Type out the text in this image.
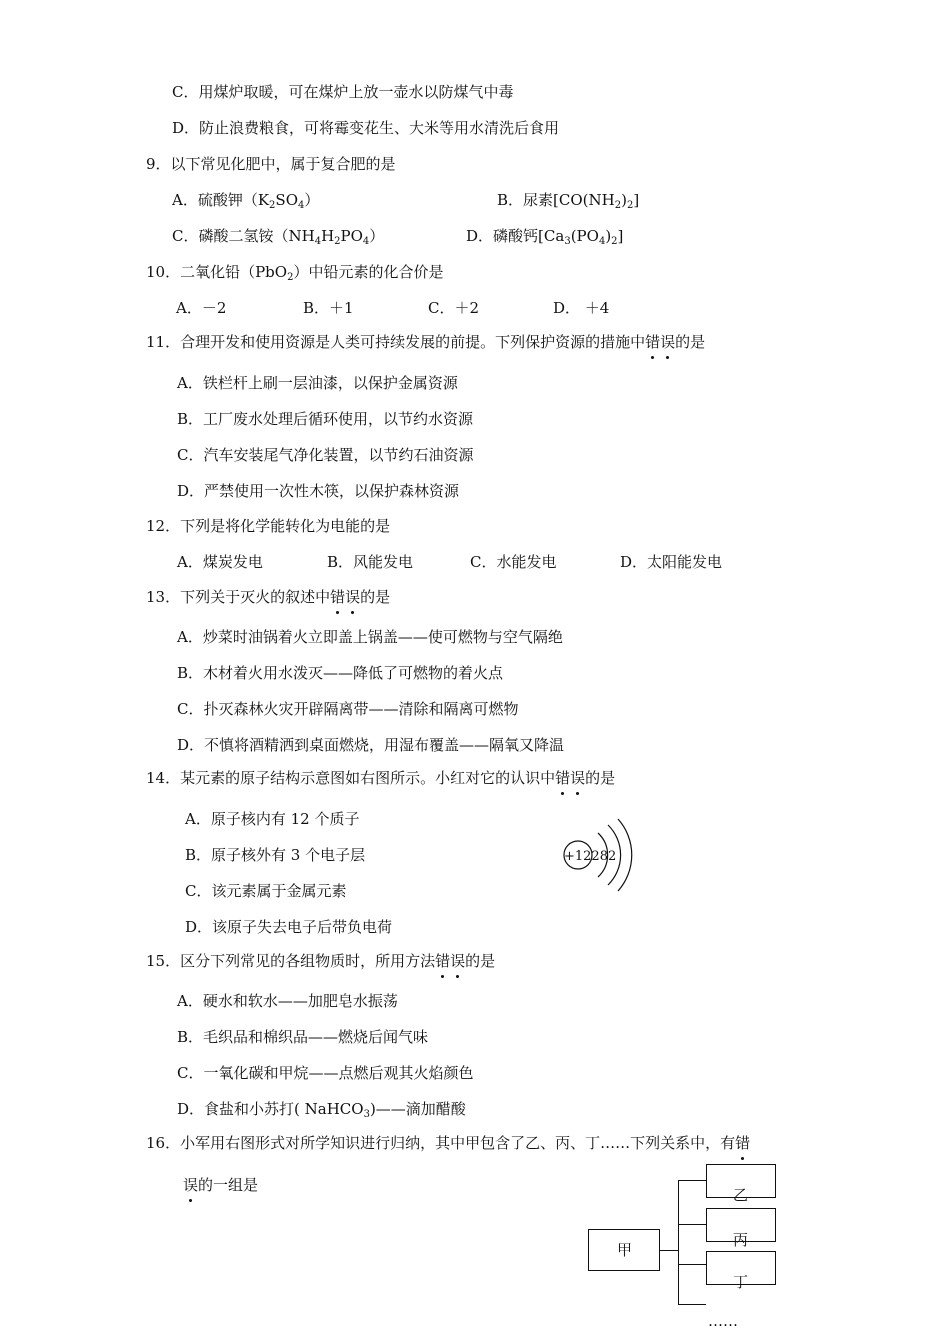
C．用煤炉取暖，可在煤炉上放一壶水以防煤气中毒
D．防止浪费粮食，可将霉变花生、大米等用水清洗后食用
9．以下常见化肥中，属于复合肥的是
A．硫酸钾$(K_2SO_4)$	B．尿素$[CO(NH_2)_2]$
C．磷酸二氢铵$(NH_4H_2PO_4)$	D．磷酸钙$[Ca_3(PO_4)_2]$
10．二氧化铅（PbO$_2$）中铅元素的化合价是
A．－2	B．＋1	C．＋2	D． ＋4
11．合理开发和使用资源是人类可持续发展的前提。下列保护资源的措施中错误的是
A．铁栏杆上刷一层油漆，以保护金属资源
B．工厂废水处理后循环使用，以节约水资源
C．汽车安装尾气净化装置，以节约石油资源
D．严禁使用一次性木筷，以保护森林资源
12．下列是将化学能转化为电能的是
A．煤炭发电	B．风能发电	C．水能发电	D．太阳能发电
13．下列关于灭火的叙述中错误的是
A．炒菜时油锅着火立即盖上锅盖——使可燃物与空气隔绝
B．木材着火用水泼灭——降低了可燃物的着火点
C．扑灭森林火灾开辟隔离带——清除和隔离可燃物
D．不慎将酒精洒到桌面燃烧，用湿布覆盖——隔氧又降温
14．某元素的原子结构示意图如右图所示。小红对它的认识中错误的是
A．原子核内有 12 个质子
B．原子核外有 3 个电子层
C．该元素属于金属元素
D．该原子失去电子后带负电荷
+12282
15．区分下列常见的各组物质时，所用方法错误的是
A．硬水和软水——加肥皂水振荡
B．毛织品和棉织品——燃烧后闻气味
C．一氧化碳和甲烷——点燃后观其火焰颜色
D．食盐和小苏打( NaHCO$_3$)——滴加醋酸
16．小军用右图形式对所学知识进行归纳，其中甲包含了乙、丙、丁……下列关系中，有错
误的一组是
甲
乙
丙
丁
……
